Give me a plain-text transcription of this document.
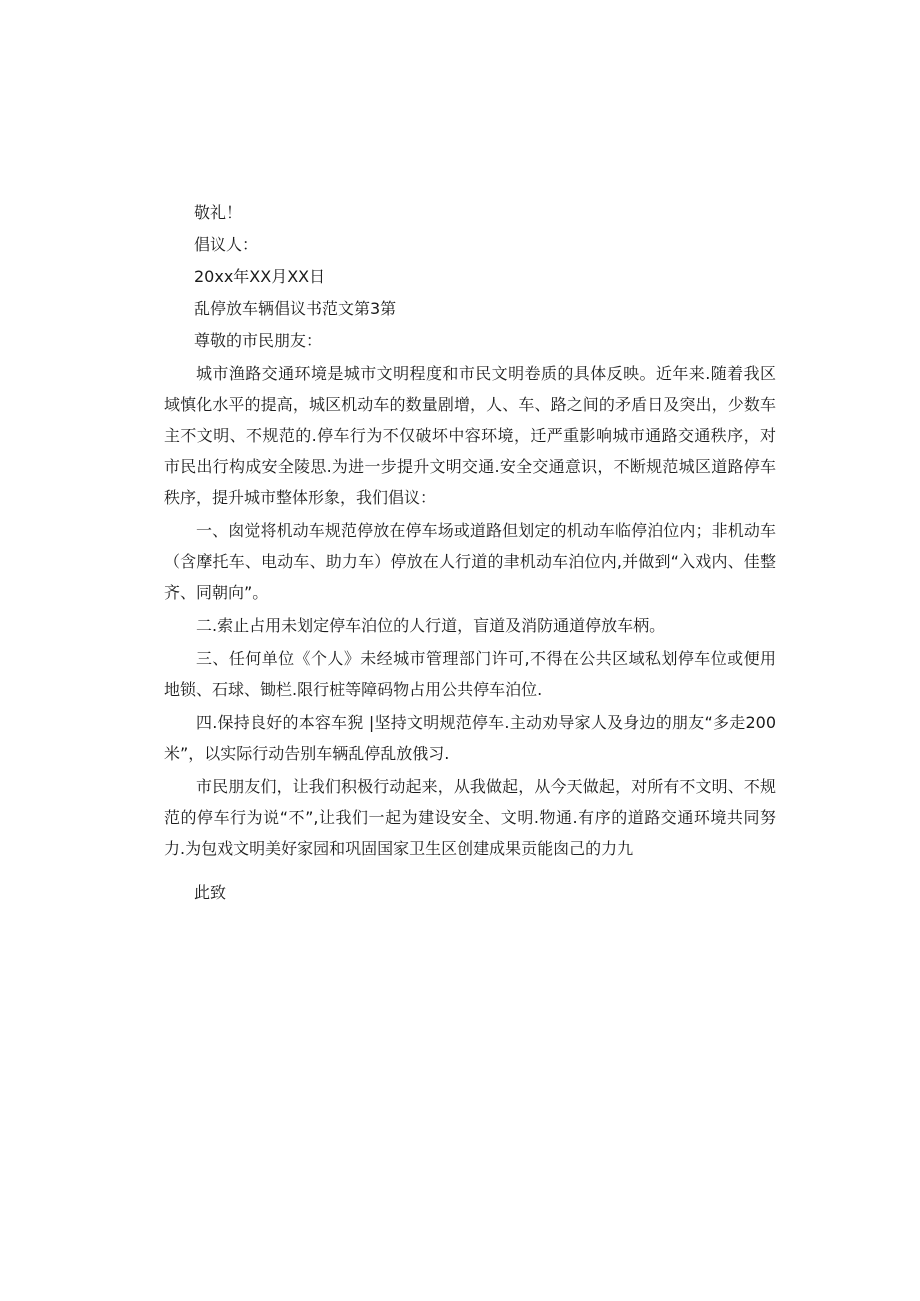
敬礼！

倡议人：

20xx年XX月XX日

乱停放车辆倡议书范文第3第

尊敬的市民朋友：

城市渔路交通环境是城市文明程度和市民文明卷质的具体反映。近年来.随着我区域慎化水平的提高，城区机动车的数量剧增，人、车、路之间的矛盾日及突出，少数车主不文明、不规范的.停车行为不仅破坏中容环境，迁严重影响城市通路交通秩序，对市民出行构成安全陵思.为进一步提升文明交通.安全交通意识，不断规范城区道路停车秩序，提升城市整体形象，我们倡议：

一、囱觉将机动车规范停放在停车场或道路但划定的机动车临停泊位内；非机动车（含摩托车、电动车、助力车）停放在人行道的聿机动车泊位内,并做到“入戏内、佳整齐、同朝向”。

二.索止占用未划定停车泊位的人行道，盲道及消防通道停放车柄。

三、任何单位《个人》未经城市管理部门许可,不得在公共区域私划停车位或便用地锁、石球、锄栏.限行桩等障码物占用公共停车泊位.

四.保持良好的本容车猊 |坚持文明规范停车.主动劝导家人及身边的朋友“多走200米”，以实际行动告别车辆乱停乱放俄习.

市民朋友们，让我们积极行动起来，从我做起，从今天做起，对所有不文明、不规范的停车行为说“不”,让我们一起为建设安全、文明.物通.有序的道路交通环境共同努力.为包戏文明美好家园和巩固国家卫生区创建成果贡能囱己的力九

此致
